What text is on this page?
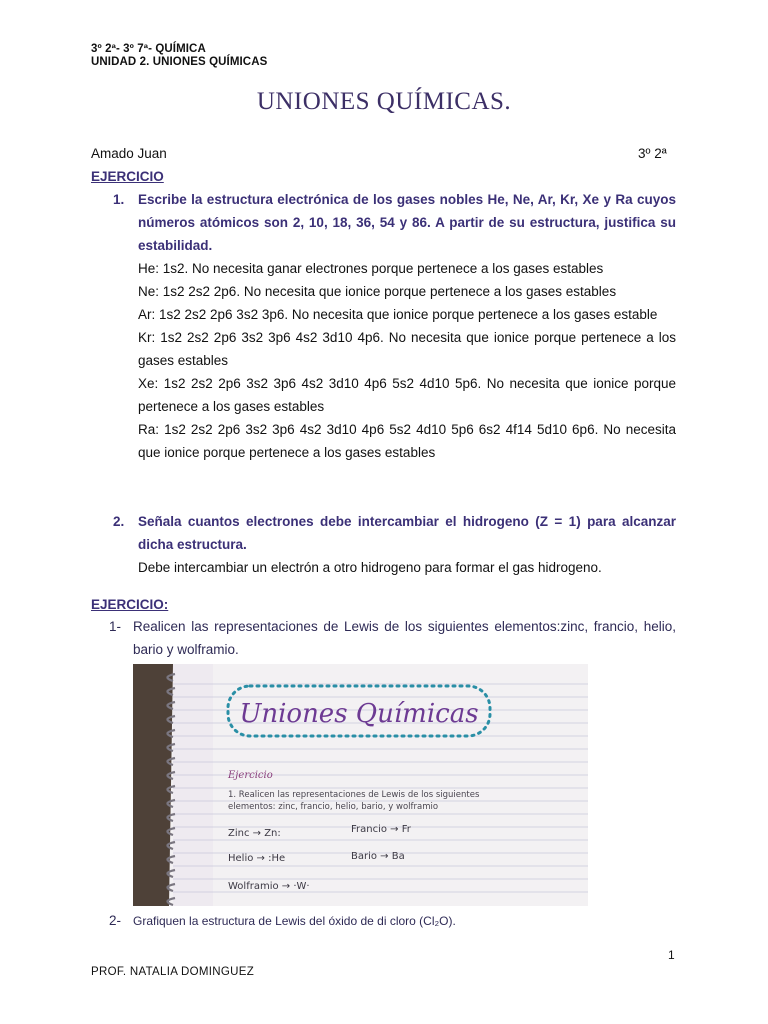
3º 2ª- 3º 7ª- QUÍMICA
UNIDAD 2. UNIONES QUÍMICAS
UNIONES QUÍMICAS.
Amado Juan	3º 2ª
EJERCICIO
1. Escribe la estructura electrónica de los gases nobles He, Ne, Ar, Kr, Xe y Ra cuyos números atómicos son 2, 10, 18, 36, 54 y 86. A partir de su estructura, justifica su estabilidad.
He: 1s2. No necesita ganar electrones porque pertenece a los gases estables
Ne: 1s2 2s2 2p6. No necesita que ionice porque pertenece a los gases estables
Ar: 1s2 2s2 2p6 3s2 3p6. No necesita que ionice porque pertenece a los gases estable
Kr: 1s2 2s2 2p6 3s2 3p6 4s2 3d10 4p6. No necesita que ionice porque pertenece a los gases estables
Xe: 1s2 2s2 2p6 3s2 3p6 4s2 3d10 4p6 5s2 4d10 5p6. No necesita que ionice porque pertenece a los gases estables
Ra: 1s2 2s2 2p6 3s2 3p6 4s2 3d10 4p6 5s2 4d10 5p6 6s2 4f14 5d10 6p6. No necesita que ionice porque pertenece a los gases estables
2. Señala cuantos electrones debe intercambiar el hidrogeno (Z = 1) para alcanzar dicha estructura.
Debe intercambiar un electrón a otro hidrogeno para formar el gas hidrogeno.
EJERCICIO:
1- Realicen las representaciones de Lewis de los siguientes elementos:zinc, francio, helio, bario y wolframio.
Uniones Químicas
Ejercicio
1. Realicen las representaciones de Lewis de los siguientes
elementos: zinc, francio, helio, bario, y wolframio
Zinc → Zn:	Francio → Fr
Helio → :He	Bario → Ba
Wolframio → ·W·
2- Grafiquen la estructura de Lewis del óxido de di cloro (Cl₂O).
1
PROF. NATALIA DOMINGUEZ
